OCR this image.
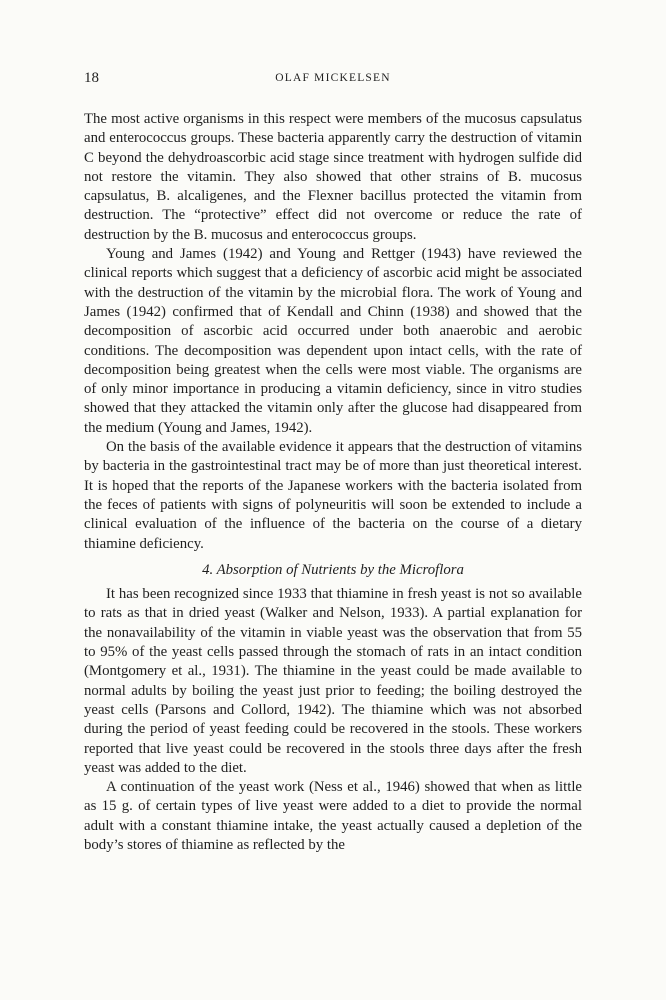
18	OLAF MICKELSEN

The most active organisms in this respect were members of the mucosus capsulatus and enterococcus groups. These bacteria apparently carry the destruction of vitamin C beyond the dehydroascorbic acid stage since treatment with hydrogen sulfide did not restore the vitamin. They also showed that other strains of B. mucosus capsulatus, B. alcaligenes, and the Flexner bacillus protected the vitamin from destruction. The “protective” effect did not overcome or reduce the rate of destruction by the B. mucosus and enterococcus groups.

Young and James (1942) and Young and Rettger (1943) have reviewed the clinical reports which suggest that a deficiency of ascorbic acid might be associated with the destruction of the vitamin by the microbial flora. The work of Young and James (1942) confirmed that of Kendall and Chinn (1938) and showed that the decomposition of ascorbic acid occurred under both anaerobic and aerobic conditions. The decomposition was dependent upon intact cells, with the rate of decomposition being greatest when the cells were most viable. The organisms are of only minor importance in producing a vitamin deficiency, since in vitro studies showed that they attacked the vitamin only after the glucose had disappeared from the medium (Young and James, 1942).

On the basis of the available evidence it appears that the destruction of vitamins by bacteria in the gastrointestinal tract may be of more than just theoretical interest. It is hoped that the reports of the Japanese workers with the bacteria isolated from the feces of patients with signs of polyneuritis will soon be extended to include a clinical evaluation of the influence of the bacteria on the course of a dietary thiamine deficiency.

4. Absorption of Nutrients by the Microflora

It has been recognized since 1933 that thiamine in fresh yeast is not so available to rats as that in dried yeast (Walker and Nelson, 1933). A partial explanation for the nonavailability of the vitamin in viable yeast was the observation that from 55 to 95% of the yeast cells passed through the stomach of rats in an intact condition (Montgomery et al., 1931). The thiamine in the yeast could be made available to normal adults by boiling the yeast just prior to feeding; the boiling destroyed the yeast cells (Parsons and Collord, 1942). The thiamine which was not absorbed during the period of yeast feeding could be recovered in the stools. These workers reported that live yeast could be recovered in the stools three days after the fresh yeast was added to the diet.

A continuation of the yeast work (Ness et al., 1946) showed that when as little as 15 g. of certain types of live yeast were added to a diet to provide the normal adult with a constant thiamine intake, the yeast actually caused a depletion of the body’s stores of thiamine as reflected by the
